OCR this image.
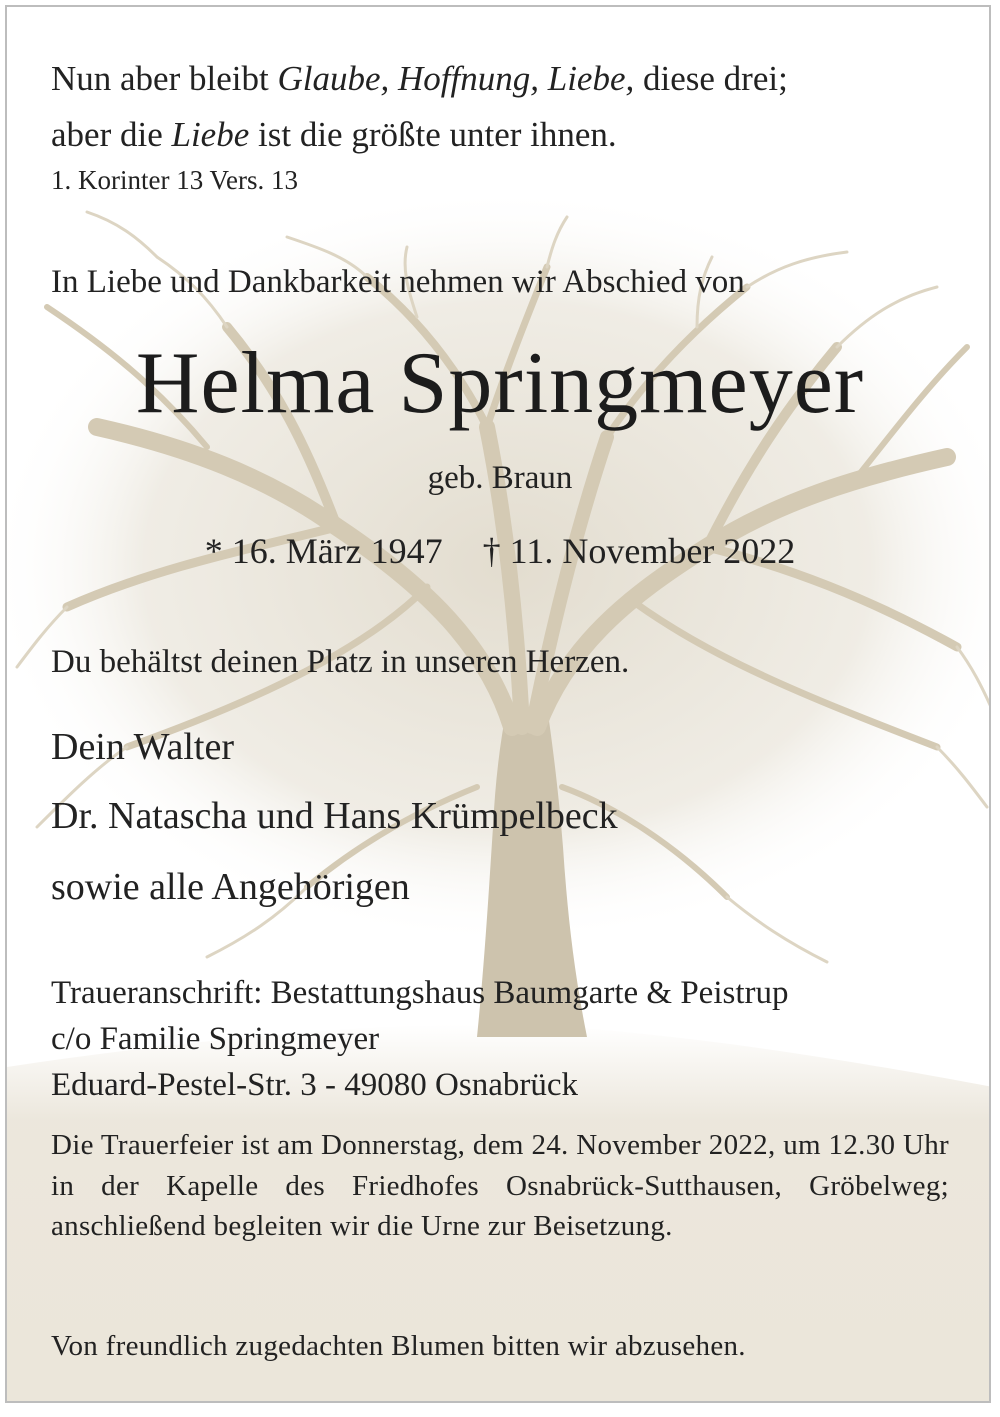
Nun aber bleibt Glaube, Hoffnung, Liebe, diese drei;
aber die Liebe ist die größte unter ihnen.
1. Korinter 13 Vers. 13
In Liebe und Dankbarkeit nehmen wir Abschied von
Helma Springmeyer
geb. Braun
* 16. März 1947 † 11. November 2022
Du behältst deinen Platz in unseren Herzen.
Dein Walter
Dr. Natascha und Hans Krümpelbeck
sowie alle Angehörigen
Traueranschrift: Bestattungshaus Baumgarte & Peistrup
c/o Familie Springmeyer
Eduard-Pestel-Str. 3 - 49080 Osnabrück
Die Trauerfeier ist am Donnerstag, dem 24. November 2022, um 12.30 Uhr in der Kapelle des Friedhofes Osnabrück-Sutthausen, Gröbelweg; anschließend begleiten wir die Urne zur Beisetzung.
Von freundlich zugedachten Blumen bitten wir abzusehen.
